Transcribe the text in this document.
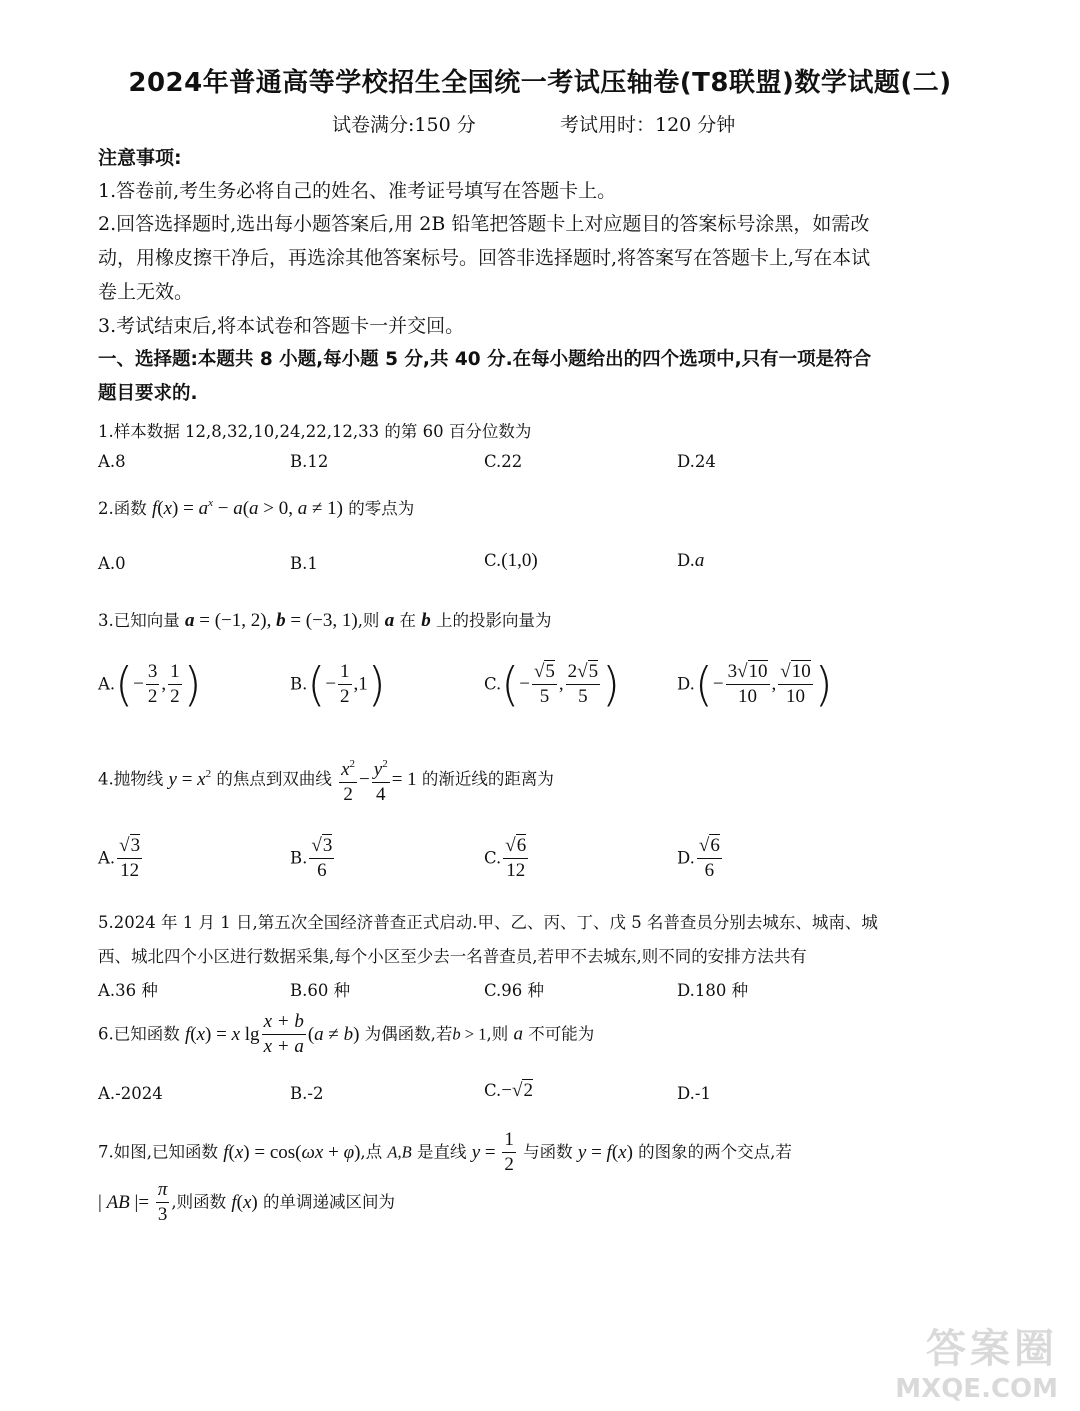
2024年普通高等学校招生全国统一考试压轴卷(T8联盟)数学试题(二)
试卷满分:150 分	考试用时：120 分钟
注意事项:
1.答卷前,考生务必将自己的姓名、准考证号填写在答题卡上。
2.回答选择题时,选出每小题答案后,用 2B 铅笔把答题卡上对应题目的答案标号涂黑，如需改
动，用橡皮擦干净后，再选涂其他答案标号。回答非选择题时,将答案写在答题卡上,写在本试
卷上无效。
3.考试结束后,将本试卷和答题卡一并交回。
一、选择题:本题共 8 小题,每小题 5 分,共 40 分.在每小题给出的四个选项中,只有一项是符合
题目要求的.
1.样本数据 12,8,32,10,24,22,12,33 的第 60 百分位数为
A.8	B.12	C.22	D.24
2.函数 $f(x) = a^x - a(a > 0$, a ≠ 1) 的零点为
A.0	B.1	C.(1,0)	D.a
3.已知向量 a = (−1, 2), b = (−3, 1),则 a 在 b 上的投影向量为
$A.(- \frac{3}{2}$ , $\frac{1}{2}$ )	$B.(- \frac{1}{2} ,1)$	$C.(- \frac{√5}{5}$ , $\frac{2√5}{5}$ )	$D.(- \frac{3√10}{10}$ , $\frac{√10}{10}$ )
4.抛物线 $y = x^2$ 的焦点到双曲线 $\frac{x^2}{2} - \frac{y^2}{4} = 1$ 的渐近线的距离为
A. $\frac{√3}{12}$	B. $\frac{√3}{6}$	C. $\frac{√6}{12}$	D. $\frac{√6}{6}$
5.2024 年 1 月 1 日,第五次全国经济普查正式启动.甲、乙、丙、丁、戊 5 名普查员分别去城东、城南、城
西、城北四个小区进行数据采集,每个小区至少去一名普查员,若甲不去城东,则不同的安排方法共有
A.36 种	B.60 种	C.96 种	D.180 种
6.已知函数 f(x) = x $\lg \frac{x + b}{x + a} (a \ne b)$ 为偶函数,若b > 1,则 a 不可能为
A.-2024	B.-2	C.−√2	D.-1
7.如图,已知函数 f(x) = cos(ωx + φ),点 A,B 是直线 $y = \frac{1}{2}$ 与函数 y = f(x) 的图象的两个交点,若
| AB |= $\frac{\pi}{3}$ ,则函数 f(x) 的单调递减区间为
答案圈
MXQE.COM
